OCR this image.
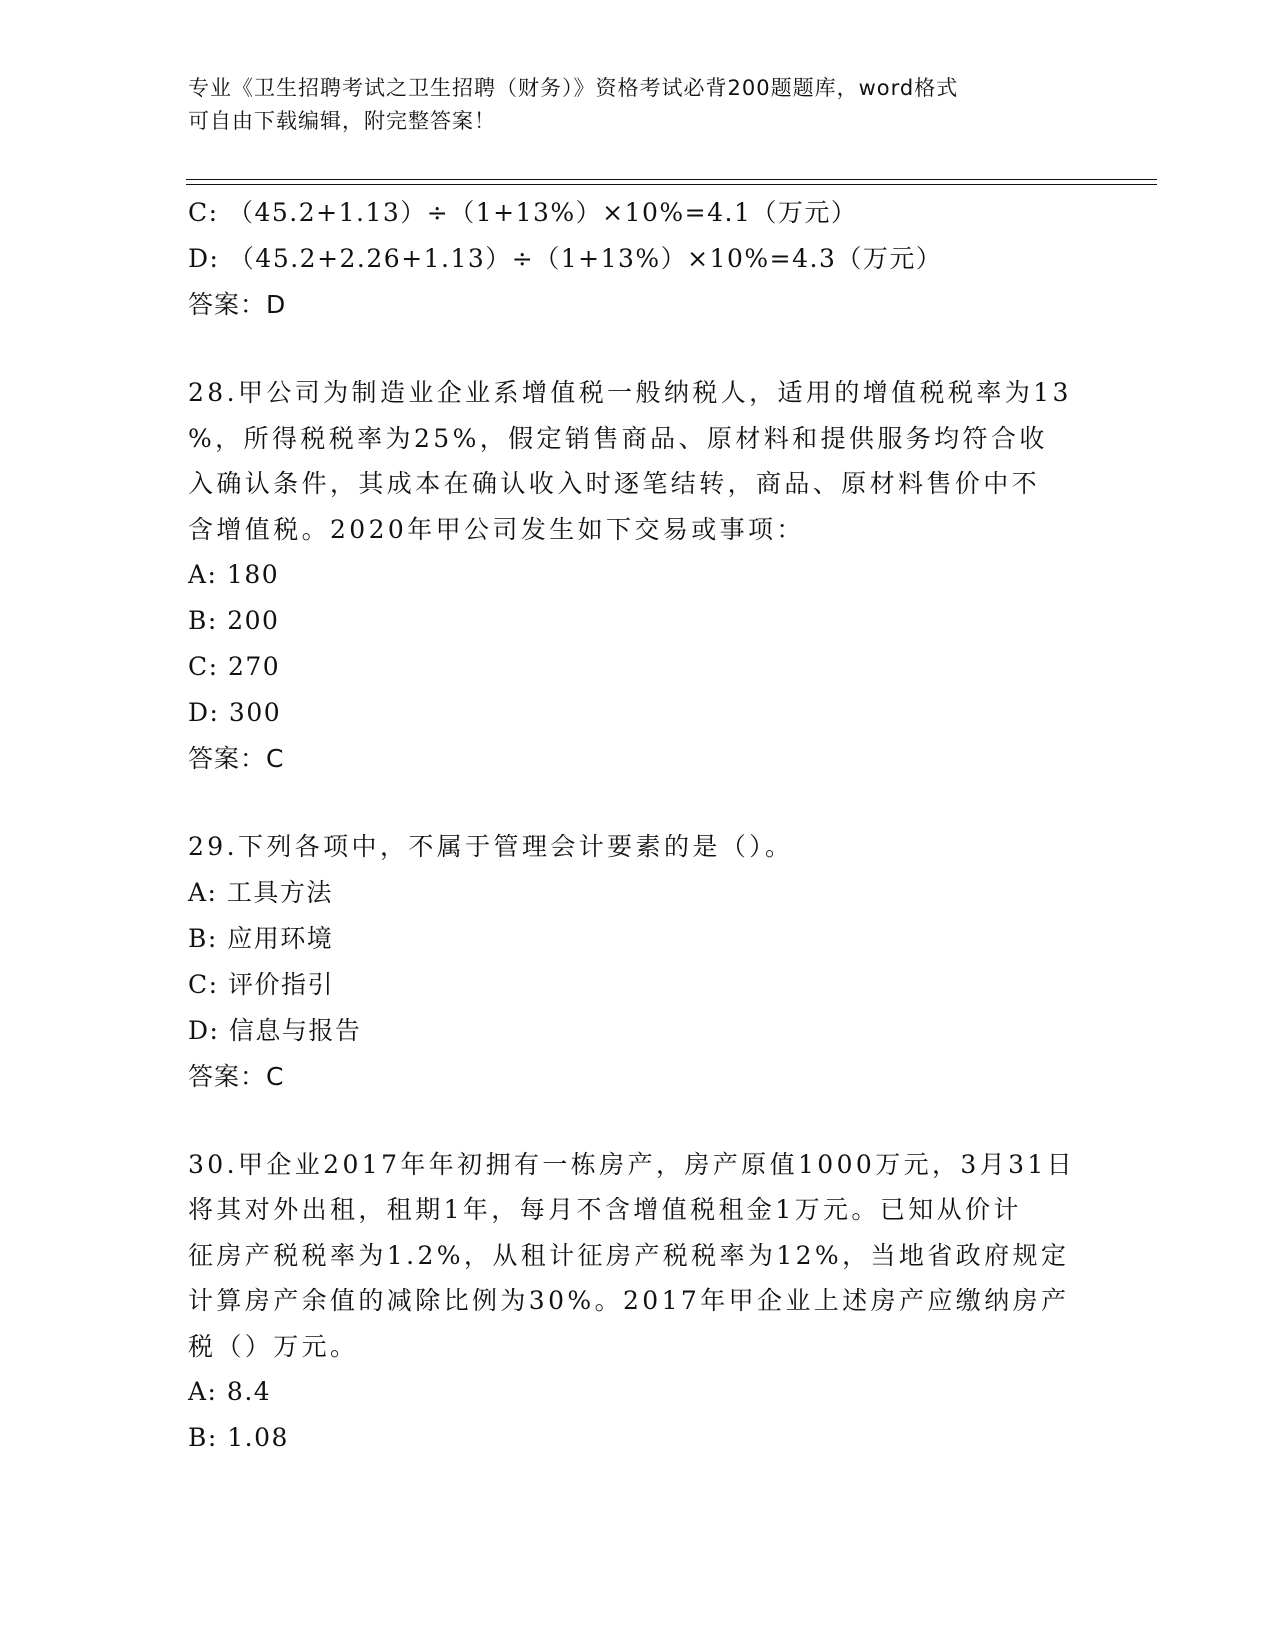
专业《卫生招聘考试之卫生招聘（财务）》资格考试必背200题题库，word格式
可自由下载编辑，附完整答案！
C: （45.2+1.13）÷（1+13%）×10%=4.1（万元）
D: （45.2+2.26+1.13）÷（1+13%）×10%=4.3（万元）
答案：D
28.甲公司为制造业企业系增值税一般纳税人，适用的增值税税率为13
%，所得税税率为25%，假定销售商品、原材料和提供服务均符合收
入确认条件，其成本在确认收入时逐笔结转，商品、原材料售价中不
含增值税。2020年甲公司发生如下交易或事项：
A: 180
B: 200
C: 270
D: 300
答案：C
29.下列各项中，不属于管理会计要素的是（）。
A: 工具方法
B: 应用环境
C: 评价指引
D: 信息与报告
答案：C
30.甲企业2017年年初拥有一栋房产，房产原值1000万元，3月31日
将其对外出租，租期1年，每月不含增值税租金1万元。已知从价计
征房产税税率为1.2%，从租计征房产税税率为12%，当地省政府规定
计算房产余值的减除比例为30%。2017年甲企业上述房产应缴纳房产
税（）万元。
A: 8.4
B: 1.08
